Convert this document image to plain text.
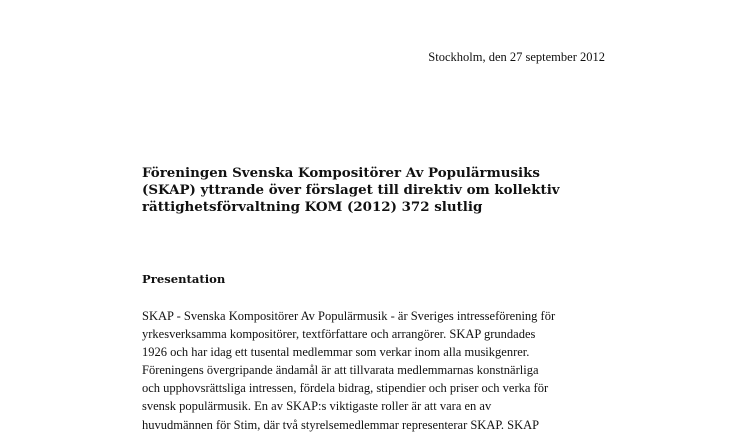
Stockholm, den 27 september 2012
Föreningen Svenska Kompositörer Av Populärmusiks
(SKAP) yttrande över förslaget till direktiv om kollektiv
rättighetsförvaltning KOM (2012) 372 slutlig
Presentation

SKAP - Svenska Kompositörer Av Populärmusik - är Sveriges intresseförening för
yrkesverksamma kompositörer, textförfattare och arrangörer. SKAP grundades
1926 och har idag ett tusental medlemmar som verkar inom alla musikgenrer.
Föreningens övergripande ändamål är att tillvarata medlemmarnas konstnärliga
och upphovsrättsliga intressen, fördela bidrag, stipendier och priser och verka för
svensk populärmusik. En av SKAP:s viktigaste roller är att vara en av
huvudmännen för Stim, där två styrelsemedlemmar representerar SKAP. SKAP
